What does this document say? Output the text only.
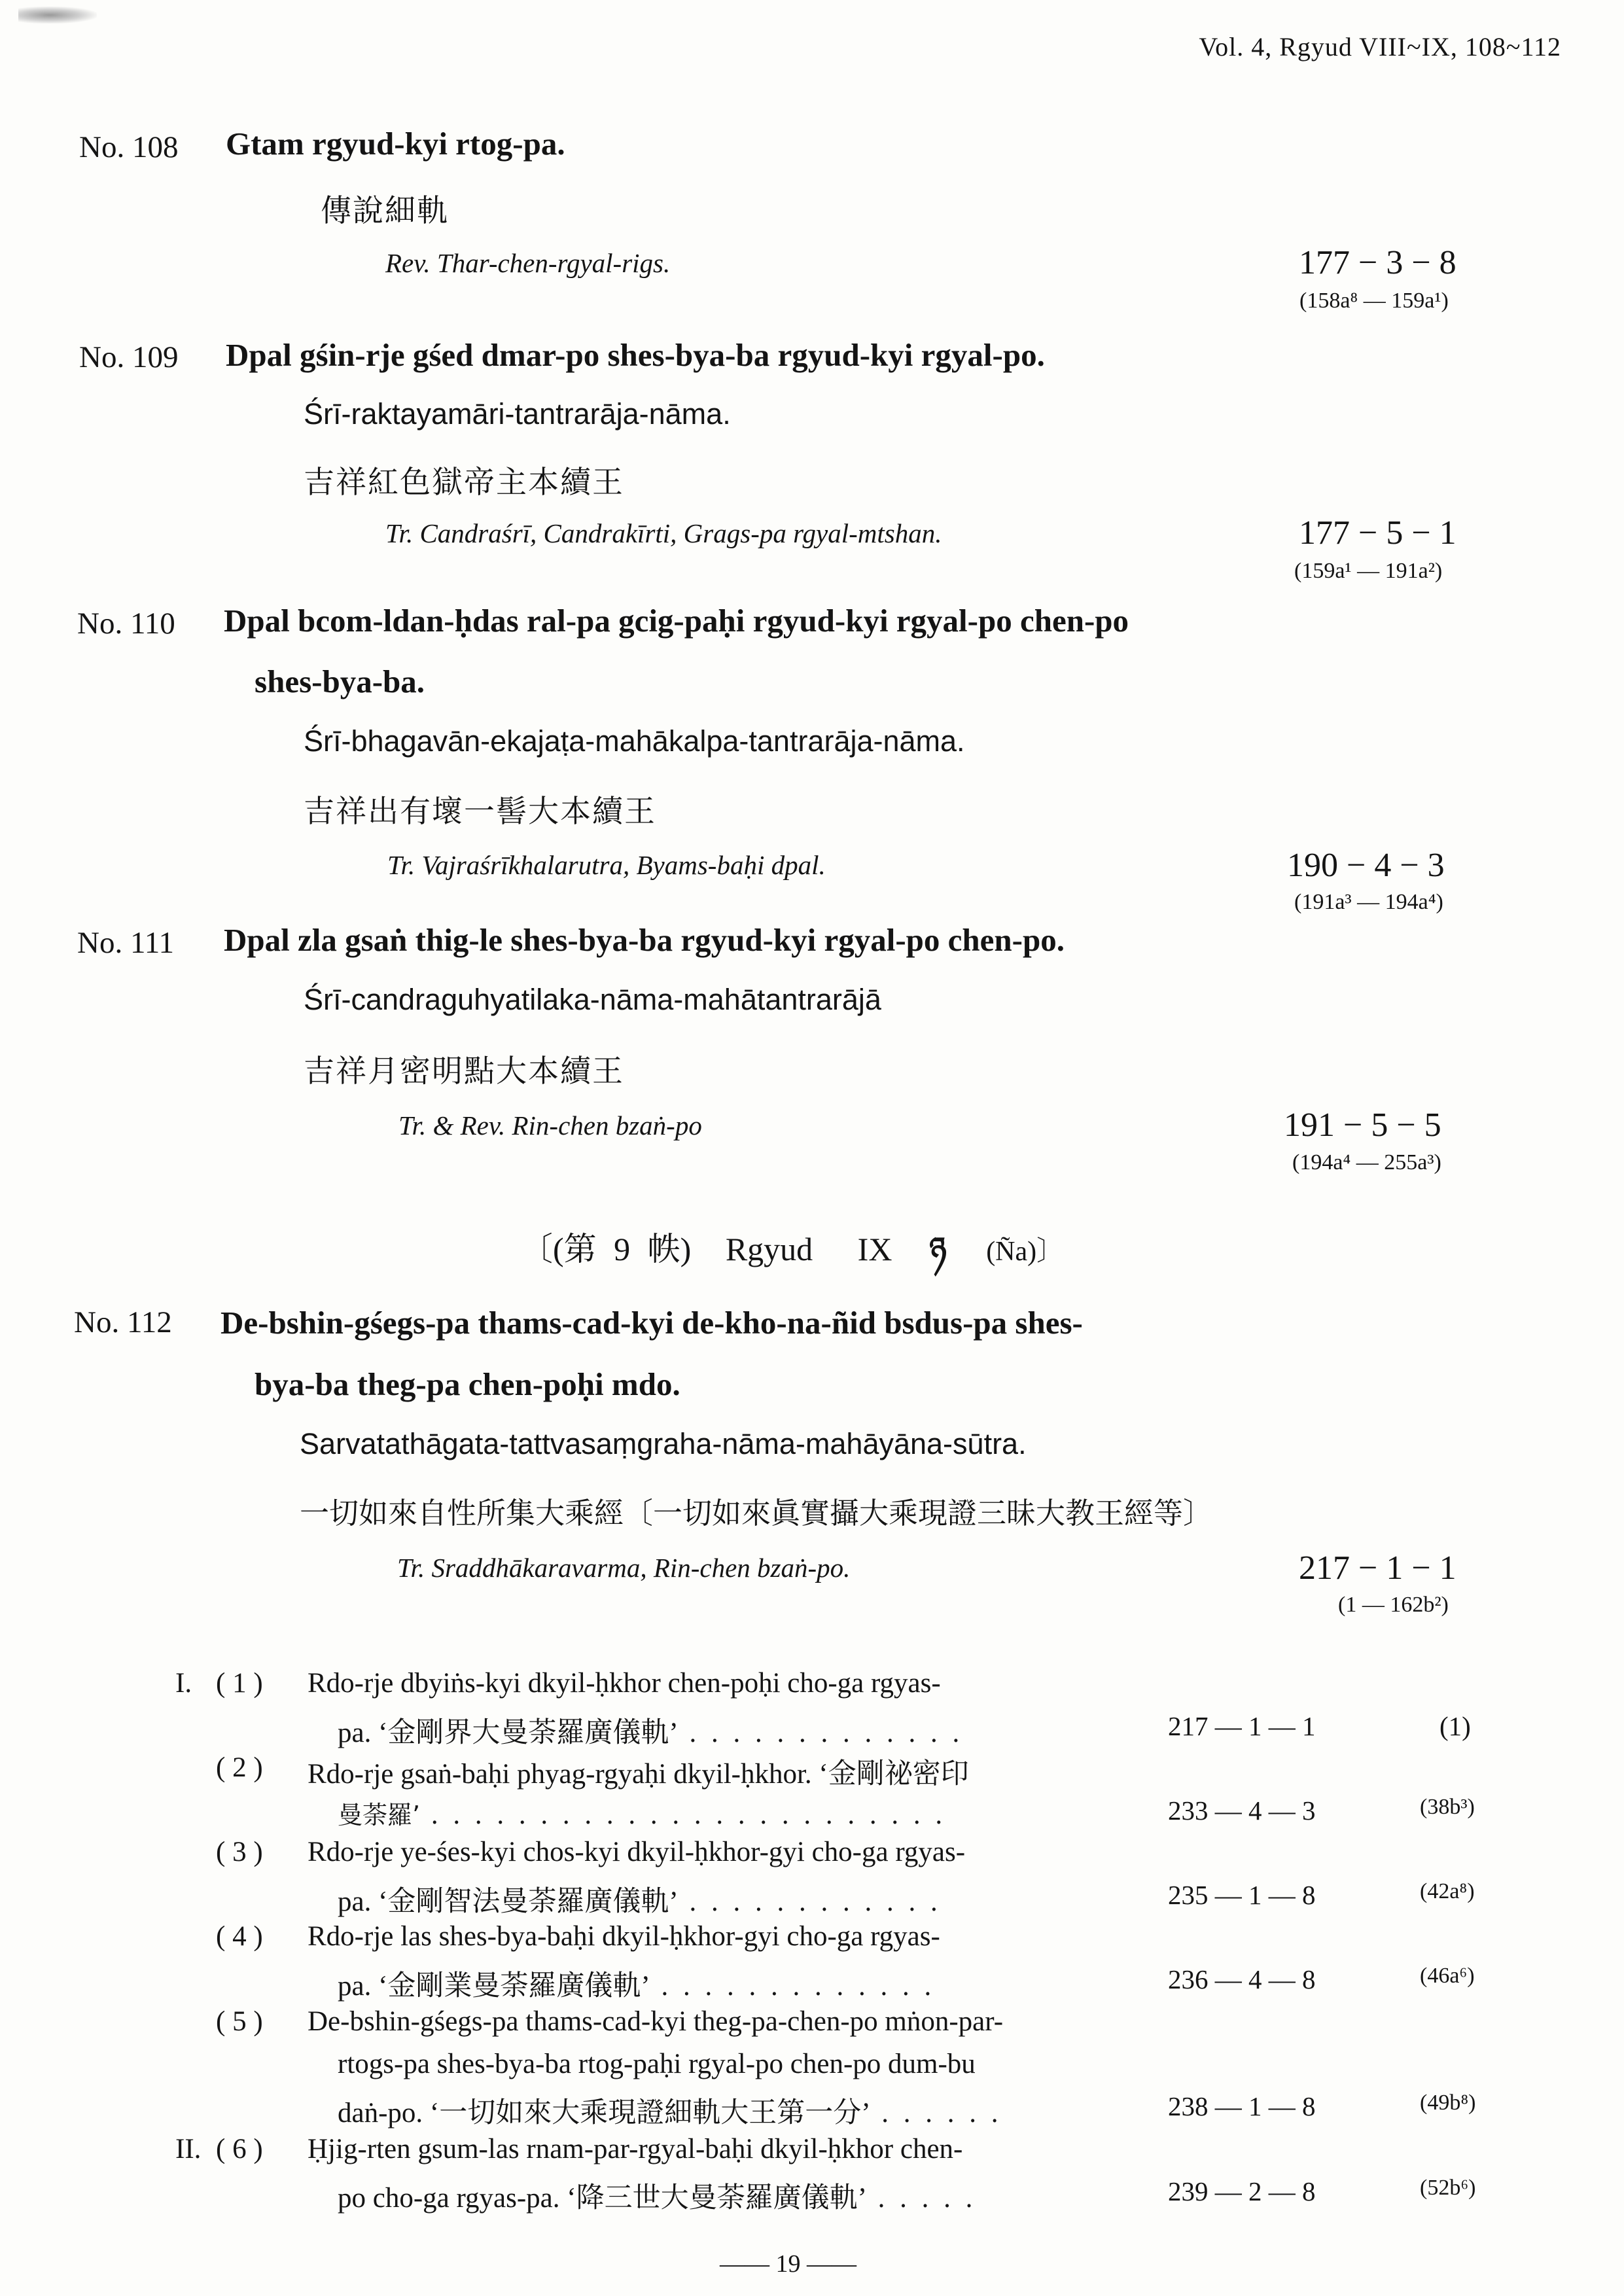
Vol. 4, Rgyud VIII~IX, 108~112
No. 108 Gtam rgyud-kyi rtog-pa.
傳說細軌
Rev. Thar-chen-rgyal-rigs.	177 − 3 − 8
(158a⁸ — 159a¹)
No. 109 Dpal gśin-rje gśed dmar-po shes-bya-ba rgyud-kyi rgyal-po.
Śrī-raktayamāri-tantrarāja-nāma.
吉祥紅色獄帝主本續王
Tr. Candraśrī, Candrakīrti, Grags-pa rgyal-mtshan.	177 − 5 − 1
(159a¹ — 191a²)
No. 110 Dpal bcom-ldan-ḥdas ral-pa gcig-paḥi rgyud-kyi rgyal-po chen-po
shes-bya-ba.
Śrī-bhagavān-ekajaṭa-mahākalpa-tantrarāja-nāma.
吉祥出有壞一髻大本續王
Tr. Vajraśrīkhalarutra, Byams-baḥi dpal.	190 − 4 − 3
(191a³ — 194a⁴)
No. 111 Dpal zla gsaṅ thig-le shes-bya-ba rgyud-kyi rgyal-po chen-po.
Śrī-candraguhyatilaka-nāma-mahātantrarājā
吉祥月密明點大本續王
Tr. & Rev. Rin-chen bzaṅ-po	191 − 5 − 5
(194a⁴ — 255a³)
〔(第 9 帙) Rgyud IX ཉ (Ña)〕
No. 112 De-bshin-gśegs-pa thams-cad-kyi de-kho-na-ñid bsdus-pa shes-
bya-ba theg-pa chen-poḥi mdo.
Sarvatathāgata-tattvasaṃgraha-nāma-mahāyāna-sūtra.
一切如來自性所集大乘經〔一切如來眞實攝大乘現證三昧大教王經等〕
Tr. Sraddhākaravarma, Rin-chen bzaṅ-po.	217 − 1 − 1
(1 — 162b²)
I. ( 1 ) Rdo-rje dbyiṅs-kyi dkyil-ḥkhor chen-poḥi cho-ga rgyas-
pa. ‘金剛界大曼荼羅廣儀軌’ . . . . . . . . . . . . .	217 — 1 — 1	(1)
( 2 ) Rdo-rje gsaṅ-baḥi phyag-rgyaḥi dkyil-ḥkhor. ‘金剛祕密印
曼荼羅’ . . . . . . . . . . . . . . . . . . . . . . . .	233 — 4 — 3	(38b³)
( 3 ) Rdo-rje ye-śes-kyi chos-kyi dkyil-ḥkhor-gyi cho-ga rgyas-
pa. ‘金剛智法曼荼羅廣儀軌’ . . . . . . . . . . . .	235 — 1 — 8	(42a⁸)
( 4 ) Rdo-rje las shes-bya-baḥi dkyil-ḥkhor-gyi cho-ga rgyas-
pa. ‘金剛業曼荼羅廣儀軌’ . . . . . . . . . . . . .	236 — 4 — 8	(46a⁶)
( 5 ) De-bshin-gśegs-pa thams-cad-kyi theg-pa-chen-po mṅon-par-
rtogs-pa shes-bya-ba rtog-paḥi rgyal-po chen-po dum-bu
daṅ-po. ‘一切如來大乘現證細軌大王第一分’ . . . . . .	238 — 1 — 8	(49b⁸)
II. ( 6 ) Ḥjig-rten gsum-las rnam-par-rgyal-baḥi dkyil-ḥkhor chen-
po cho-ga rgyas-pa. ‘降三世大曼荼羅廣儀軌’ . . . . .	239 — 2 — 8	(52b⁶)
—— 19 ——
